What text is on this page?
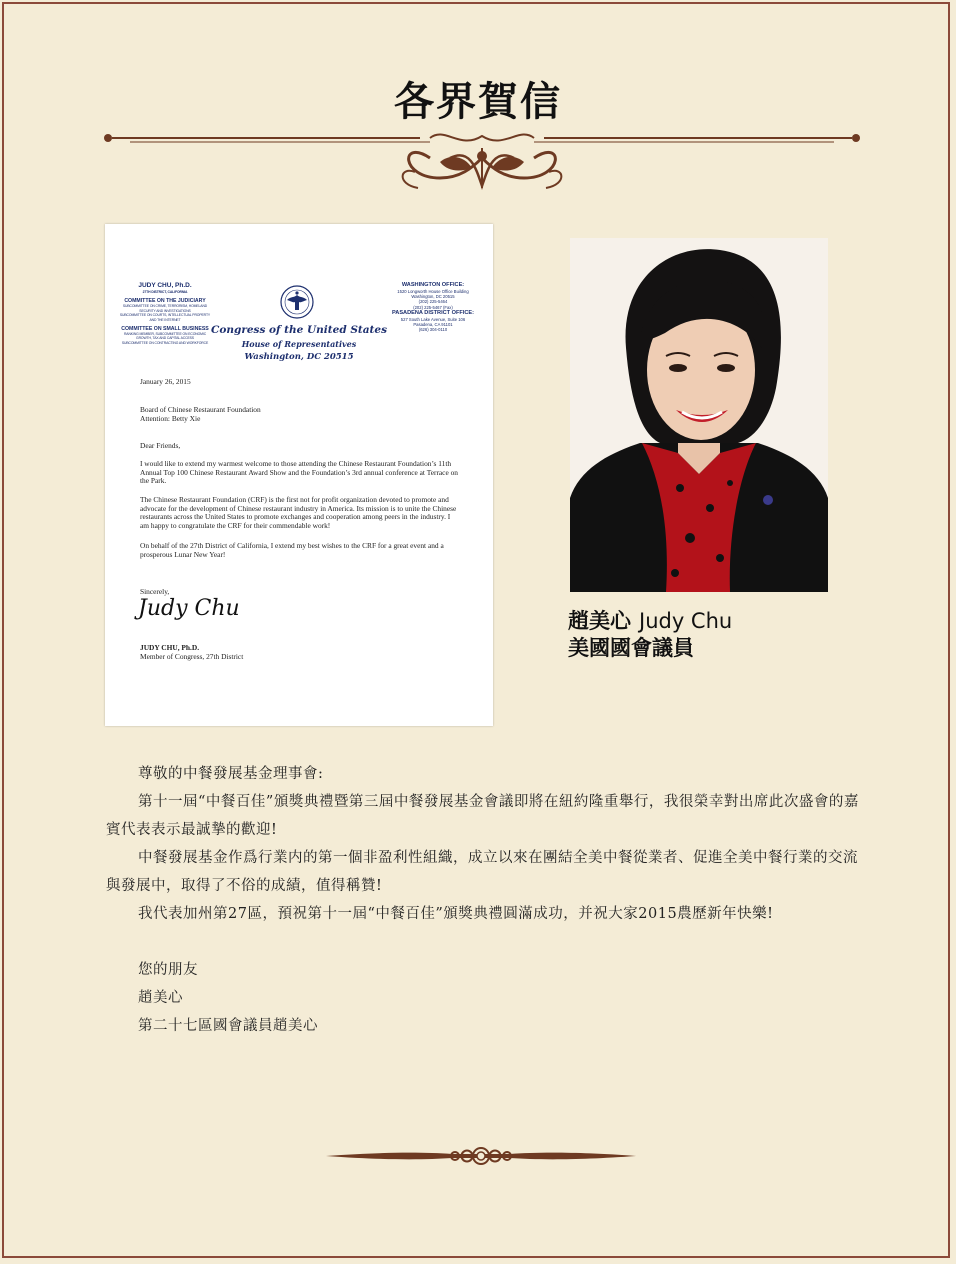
各界賀信
JUDY CHU, Ph.D.
27TH DISTRICT, CALIFORNIA
COMMITTEE ON THE JUDICIARY
SUBCOMMITTEE ON CRIME, TERRORISM, HOMELAND SECURITY AND INVESTIGATIONS
SUBCOMMITTEE ON COURTS, INTELLECTUAL PROPERTY AND THE INTERNET
COMMITTEE ON SMALL BUSINESS
RANKING MEMBER, SUBCOMMITTEE ON ECONOMIC GROWTH, TAX AND CAPITAL ACCESS
SUBCOMMITTEE ON CONTRACTING AND WORKFORCE
Congress of the United States
House of Representatives
Washington, DC 20515
WASHINGTON OFFICE:
1520 Longworth House Office Building
Washington, DC 20515
(202) 225-5464
(202) 225-5467 (Fax)
PASADENA DISTRICT OFFICE:
527 South Lake Avenue, Suite 106
Pasadena, CA 91101
(626) 304-0110
January 26, 2015
Board of Chinese Restaurant Foundation
Attention: Betty Xie
Dear Friends,
I would like to extend my warmest welcome to those attending the Chinese Restaurant Foundation’s 11th Annual Top 100 Chinese Restaurant Award Show and the Foundation’s 3rd annual conference at Terrace on the Park.
The Chinese Restaurant Foundation (CRF) is the first not for profit organization devoted to promote and advocate for the development of Chinese restaurant industry in America. Its mission is to unite the Chinese restaurants across the United States to promote exchanges and cooperation among peers in the industry. I am happy to congratulate the CRF for their commendable work!
On behalf of the 27th District of California, I extend my best wishes to the CRF for a great event and a prosperous Lunar New Year!
Sincerely,
Judy Chu
JUDY CHU, Ph.D.
Member of Congress, 27th District
趙美心 Judy Chu
美國國會議員

尊敬的中餐發展基金理事會:

第十一屆“中餐百佳”頒獎典禮暨第三屆中餐發展基金會議即將在紐約隆重舉行，我很榮幸對出席此次盛會的嘉賓代表表示最誠摯的歡迎!

中餐發展基金作爲行業内的第一個非盈利性組織，成立以來在團結全美中餐從業者、促進全美中餐行業的交流與發展中，取得了不俗的成績，值得稱贊!

我代表加州第27區，預祝第十一屆“中餐百佳”頒獎典禮圓滿成功，并祝大家2015農歷新年快樂!

您的朋友

趙美心

第二十七區國會議員趙美心
